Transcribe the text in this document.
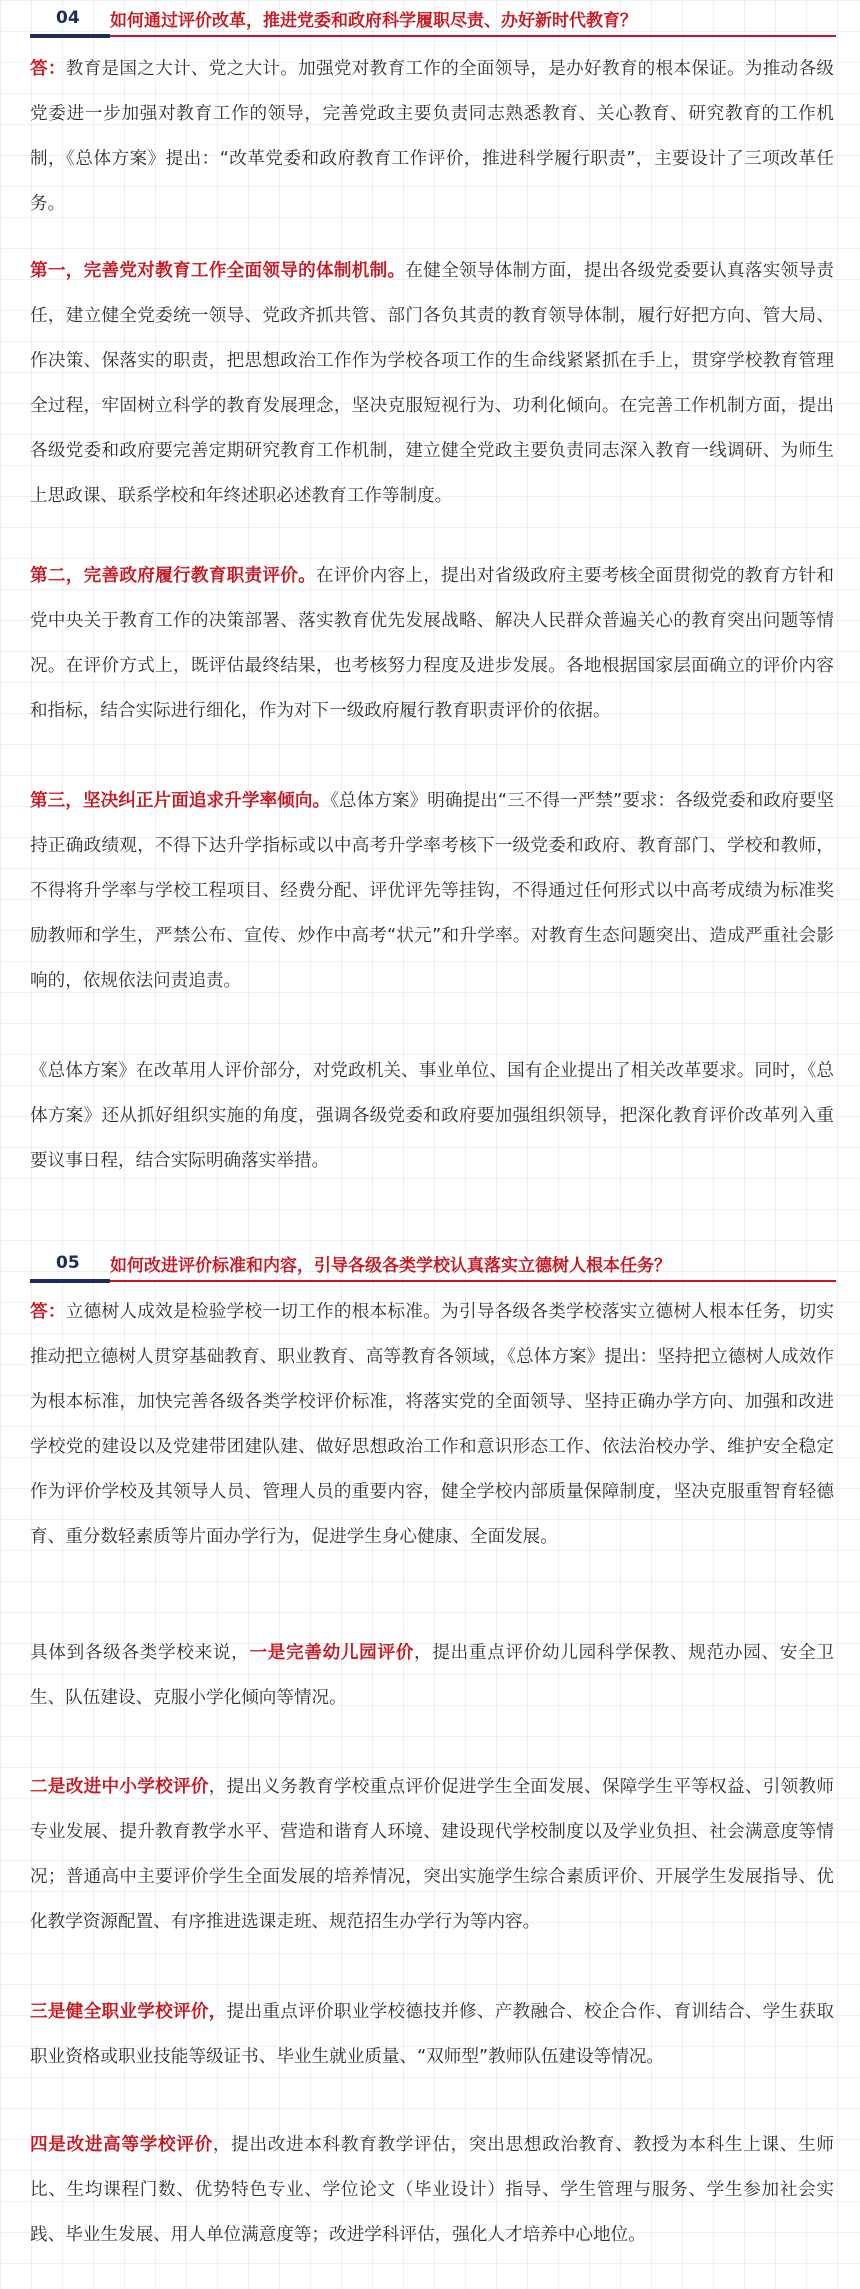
04 如何通过评价改革，推进党委和政府科学履职尽责、办好新时代教育？

答：教育是国之大计、党之大计。加强党对教育工作的全面领导，是办好教育的根本保证。为推动各级党委进一步加强对教育工作的领导，完善党政主要负责同志熟悉教育、关心教育、研究教育的工作机制，《总体方案》提出：“改革党委和政府教育工作评价，推进科学履行职责”，主要设计了三项改革任务。

第一，完善党对教育工作全面领导的体制机制。在健全领导体制方面，提出各级党委要认真落实领导责任，建立健全党委统一领导、党政齐抓共管、部门各负其责的教育领导体制，履行好把方向、管大局、作决策、保落实的职责，把思想政治工作作为学校各项工作的生命线紧紧抓在手上，贯穿学校教育管理全过程，牢固树立科学的教育发展理念，坚决克服短视行为、功利化倾向。在完善工作机制方面，提出各级党委和政府要完善定期研究教育工作机制，建立健全党政主要负责同志深入教育一线调研、为师生上思政课、联系学校和年终述职必述教育工作等制度。

第二，完善政府履行教育职责评价。在评价内容上，提出对省级政府主要考核全面贯彻党的教育方针和党中央关于教育工作的决策部署、落实教育优先发展战略、解决人民群众普遍关心的教育突出问题等情况。在评价方式上，既评估最终结果，也考核努力程度及进步发展。各地根据国家层面确立的评价内容和指标，结合实际进行细化，作为对下一级政府履行教育职责评价的依据。

第三，坚决纠正片面追求升学率倾向。《总体方案》明确提出“三不得一严禁”要求：各级党委和政府要坚持正确政绩观，不得下达升学指标或以中高考升学率考核下一级党委和政府、教育部门、学校和教师，不得将升学率与学校工程项目、经费分配、评优评先等挂钩，不得通过任何形式以中高考成绩为标准奖励教师和学生，严禁公布、宣传、炒作中高考“状元”和升学率。对教育生态问题突出、造成严重社会影响的，依规依法问责追责。

《总体方案》在改革用人评价部分，对党政机关、事业单位、国有企业提出了相关改革要求。同时，《总体方案》还从抓好组织实施的角度，强调各级党委和政府要加强组织领导，把深化教育评价改革列入重要议事日程，结合实际明确落实举措。

05 如何改进评价标准和内容，引导各级各类学校认真落实立德树人根本任务？

答：立德树人成效是检验学校一切工作的根本标准。为引导各级各类学校落实立德树人根本任务，切实推动把立德树人贯穿基础教育、职业教育、高等教育各领域，《总体方案》提出：坚持把立德树人成效作为根本标准，加快完善各级各类学校评价标准，将落实党的全面领导、坚持正确办学方向、加强和改进学校党的建设以及党建带团建队建、做好思想政治工作和意识形态工作、依法治校办学、维护安全稳定作为评价学校及其领导人员、管理人员的重要内容，健全学校内部质量保障制度，坚决克服重智育轻德育、重分数轻素质等片面办学行为，促进学生身心健康、全面发展。

具体到各级各类学校来说，一是完善幼儿园评价，提出重点评价幼儿园科学保教、规范办园、安全卫生、队伍建设、克服小学化倾向等情况。

二是改进中小学校评价，提出义务教育学校重点评价促进学生全面发展、保障学生平等权益、引领教师专业发展、提升教育教学水平、营造和谐育人环境、建设现代学校制度以及学业负担、社会满意度等情况；普通高中主要评价学生全面发展的培养情况，突出实施学生综合素质评价、开展学生发展指导、优化教学资源配置、有序推进选课走班、规范招生办学行为等内容。

三是健全职业学校评价，提出重点评价职业学校德技并修、产教融合、校企合作、育训结合、学生获取职业资格或职业技能等级证书、毕业生就业质量、“双师型”教师队伍建设等情况。

四是改进高等学校评价，提出改进本科教育教学评估，突出思想政治教育、教授为本科生上课、生师比、生均课程门数、优势特色专业、学位论文（毕业设计）指导、学生管理与服务、学生参加社会实践、毕业生发展、用人单位满意度等；改进学科评估，强化人才培养中心地位。
